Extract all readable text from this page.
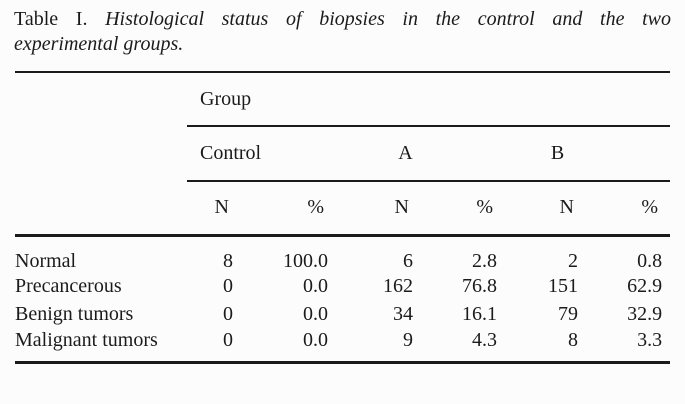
Table I. Histological status of biopsies in the control and the two
experimental groups.
	Group					
	Control		A		B	
	N	%	N	%	N	%
Normal	8	100.0	6	2.8	2	0.8
Precancerous	0	0.0	162	76.8	151	62.9
Benign tumors	0	0.0	34	16.1	79	32.9
Malignant tumors	0	0.0	9	4.3	8	3.3
